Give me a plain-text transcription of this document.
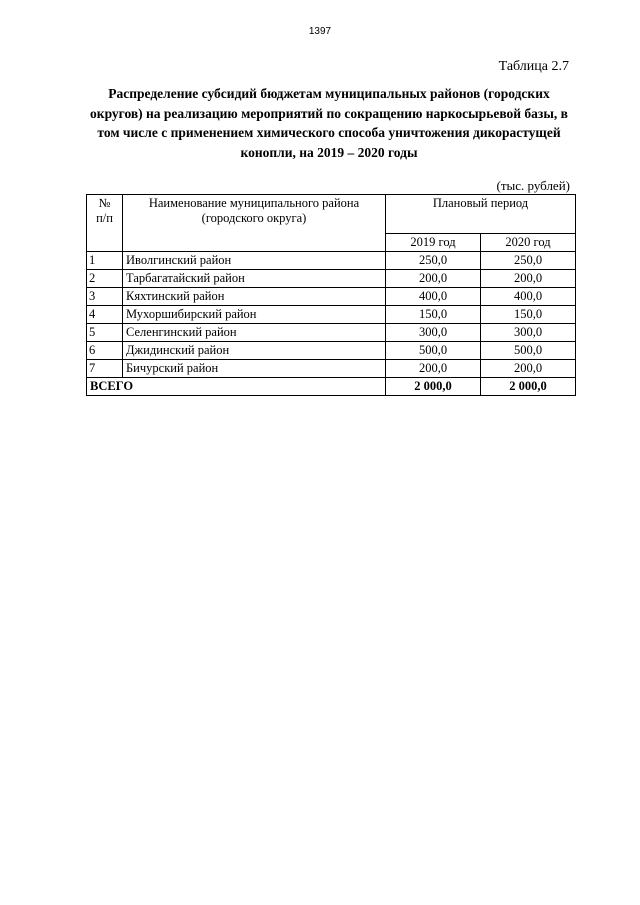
1397
Таблица 2.7

Распределение субсидий бюджетам муниципальных районов (городских округов) на реализацию мероприятий по сокращению наркосырьевой базы, в том числе с применением химического способа уничтожения дикорастущей конопли, на 2019 – 2020 годы

(тыс. рублей)
№
п/п	Наименование муниципального района (городского округа)	Плановый период	
		2019 год	2020 год
1	Иволгинский район	250,0	250,0
2	Тарбагатайский район	200,0	200,0
3	Кяхтинский район	400,0	400,0
4	Мухоршибирский район	150,0	150,0
5	Селенгинский район	300,0	300,0
6	Джидинский район	500,0	500,0
7	Бичурский район	200,0	200,0
ВСЕГО		2 000,0	2 000,0
